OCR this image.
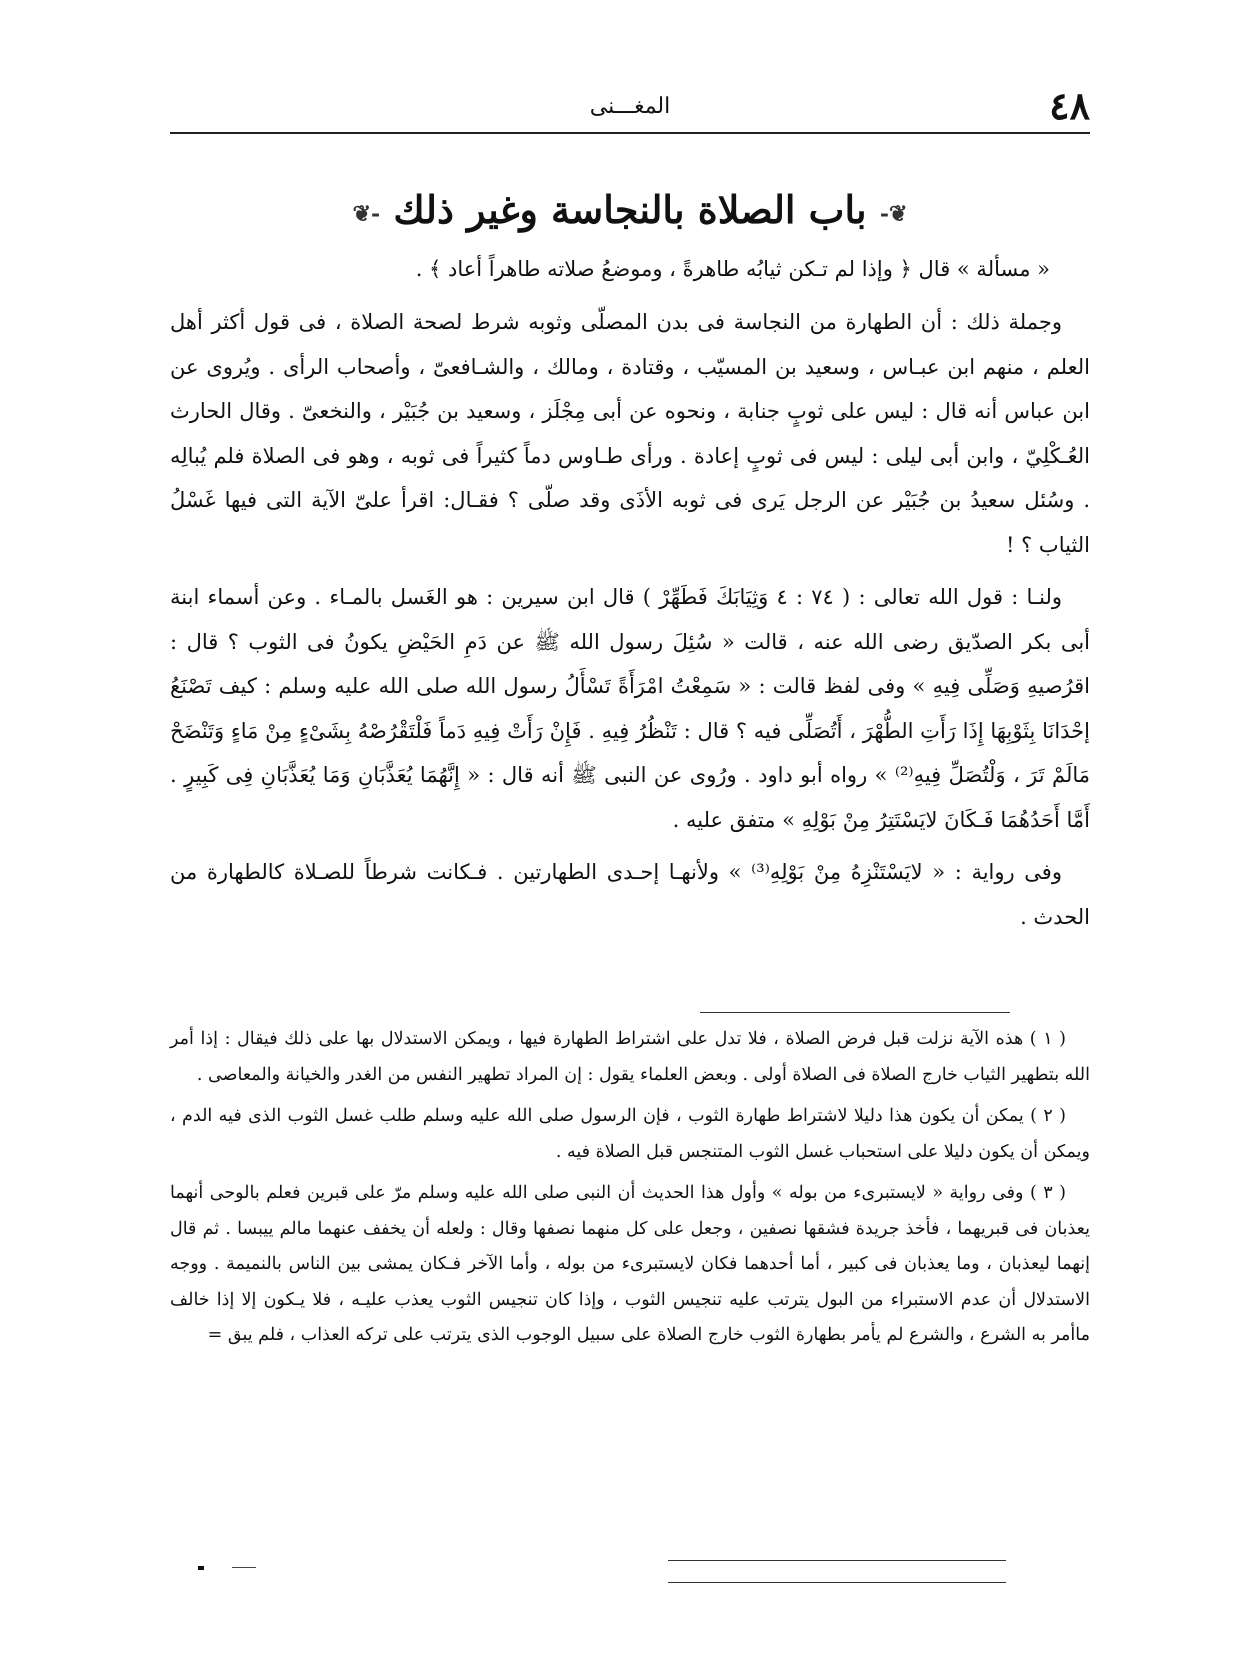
٤٨
المغـــنى
❦- باب الصلاة بالنجاسة وغير ذلك -❦
« مسألة » قال ﴿ وإذا لم تـكن ثيابُه طاهرةً ، وموضعُ صلاته طاهراً أعاد ﴾ .

وجملة ذلك : أن الطهارة من النجاسة فى بدن المصلّى وثوبه شرط لصحة الصلاة ، فى قول أكثر أهل العلم ، منهم ابن عبـاس ، وسعيد بن المسيّب ، وقتادة ، ومالك ، والشـافعىّ ، وأصحاب الرأى . ويُروى عن ابن عباس أنه قال : ليس على ثوبٍ جنابة ، ونحوه عن أبى مِجْلَز ، وسعيد بن جُبَيْر ، والنخعىّ . وقال الحارث العُـكْلِيّ ، وابن أبى ليلى : ليس فى ثوبٍ إعادة . ورأى طـاوس دماً كثيراً فى ثوبه ، وهو فى الصلاة فلم يُبالِه . وسُئل سعيدُ بن جُبَيْر عن الرجل يَرى فى ثوبه الأذَى وقد صلّى ؟ فقـال: اقرأ علىّ الآية التى فيها غَسْلُ الثياب ؟ !

ولنـا : قول الله تعالى : ( ٧٤ : ٤ وَثِيَابَكَ فَطَهِّرْ ) قال ابن سيرين : هو الغَسل بالمـاء . وعن أسماء ابنة أبى بكر الصدّيق رضى الله عنه ، قالت « سُئِلَ رسول الله ﷺ عن دَمِ الحَيْضِ يكونُ فى الثوب ؟ قال : اقرُصيهِ وَصَلِّى فِيهِ » وفى لفظ قالت : « سَمِعْتُ امْرَأَةً تَسْأَلُ رسول الله صلى الله عليه وسلم : كيف تَصْنَعُ إحْدَانَا بِثَوْبِهَا إِذَا رَأَتِ الطُّهْرَ ، أَتُصَلِّى فيه ؟ قال : تَنْظُرُ فِيهِ . فَإِنْ رَأَتْ فِيهِ دَماً فَلْتَقْرُصْهُ بِشَىْءٍ مِنْ مَاءٍ وَتَنْضَحْ مَالَمْ تَرَ ، وَلْتُصَلِّ فِيهِ⁽²⁾ » رواه أبو داود . ورُوى عن النبى ﷺ أنه قال : « إِنَّهُمَا يُعَذَّبَانِ وَمَا يُعَذَّبَانِ فِى كَبِيرٍ . أَمَّا أَحَدُهُمَا فَـكَانَ لايَسْتَتِرُ مِنْ بَوْلِهِ » متفق عليه .

وفى رواية : « لايَسْتَنْزِهُ مِنْ بَوْلِهِ⁽³⁾ » ولأنهـا إحـدى الطهارتين . فـكانت شرطاً للصـلاة كالطهارة من الحدث .

( ١ ) هذه الآية نزلت قبل فرض الصلاة ، فلا تدل على اشتراط الطهارة فيها ، ويمكن الاستدلال بها على ذلك فيقال : إذا أمر الله بتطهير الثياب خارج الصلاة فى الصلاة أولى . وبعض العلماء يقول : إن المراد تطهير النفس من الغدر والخيانة والمعاصى .

( ٢ ) يمكن أن يكون هذا دليلا لاشتراط طهارة الثوب ، فإن الرسول صلى الله عليه وسلم طلب غسل الثوب الذى فيه الدم ، ويمكن أن يكون دليلا على استحباب غسل الثوب المتنجس قبل الصلاة فيه .

( ٣ ) وفى رواية « لايستبرىء من بوله » وأول هذا الحديث أن النبى صلى الله عليه وسلم مرّ على قبرين فعلم بالوحى أنهما يعذبان فى قبريهما ، فأخذ جريدة فشقها نصفين ، وجعل على كل منهما نصفها وقال : ولعله أن يخفف عنهما مالم ييبسا . ثم قال إنهما ليعذبان ، وما يعذبان فى كبير ، أما أحدهما فكان لايستبرىء من بوله ، وأما الآخر فـكان يمشى بين الناس بالنميمة . ووجه الاستدلال أن عدم الاستبراء من البول يترتب عليه تنجيس الثوب ، وإذا كان تنجيس الثوب يعذب عليـه ، فلا يـكون إلا إذا خالف ماأمر به الشرع ، والشرع لم يأمر بطهارة الثوب خارج الصلاة على سبيل الوجوب الذى يترتب على تركه العذاب ، فلم يبق =
